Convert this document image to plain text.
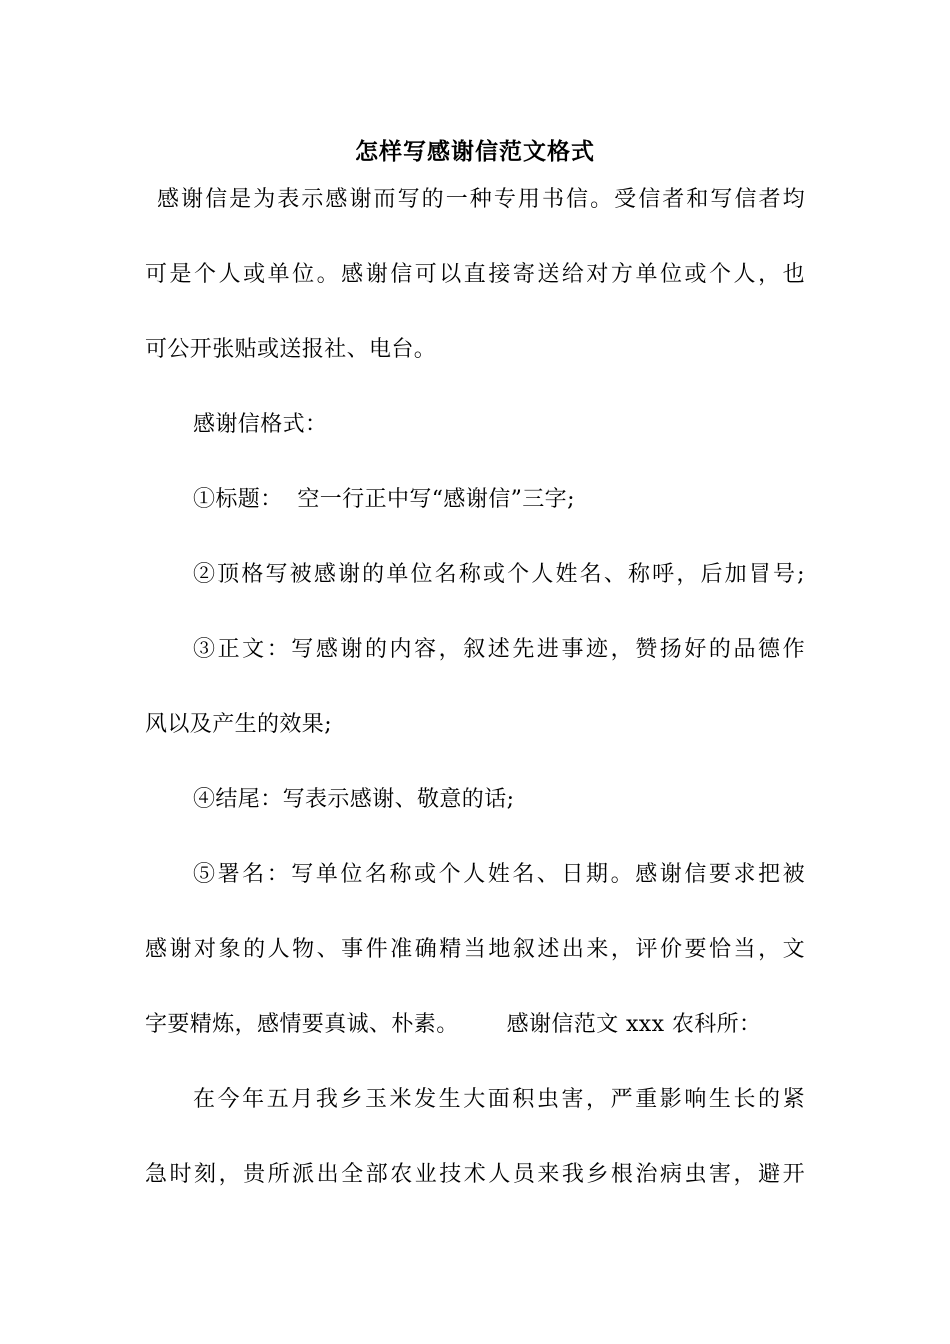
怎样写感谢信范文格式
感谢信是为表示感谢而写的一种专用书信。受信者和写信者均
可是个人或单位。感谢信可以直接寄送给对方单位或个人，也
可公开张贴或送报社、电台。
感谢信格式：
①标题：  空一行正中写“感谢信”三字;
②顶格写被感谢的单位名称或个人姓名、称呼，后加冒号;
③正文：写感谢的内容，叙述先进事迹，赞扬好的品德作
风以及产生的效果;
④结尾：写表示感谢、敬意的话;
⑤署名：写单位名称或个人姓名、日期。感谢信要求把被
感谢对象的人物、事件准确精当地叙述出来，评价要恰当，文
字要精炼，感情要真诚、朴素。 感谢信范文 xxx 农科所：
在今年五月我乡玉米发生大面积虫害，严重影响生长的紧
急时刻，贵所派出全部农业技术人员来我乡根治病虫害，避开
